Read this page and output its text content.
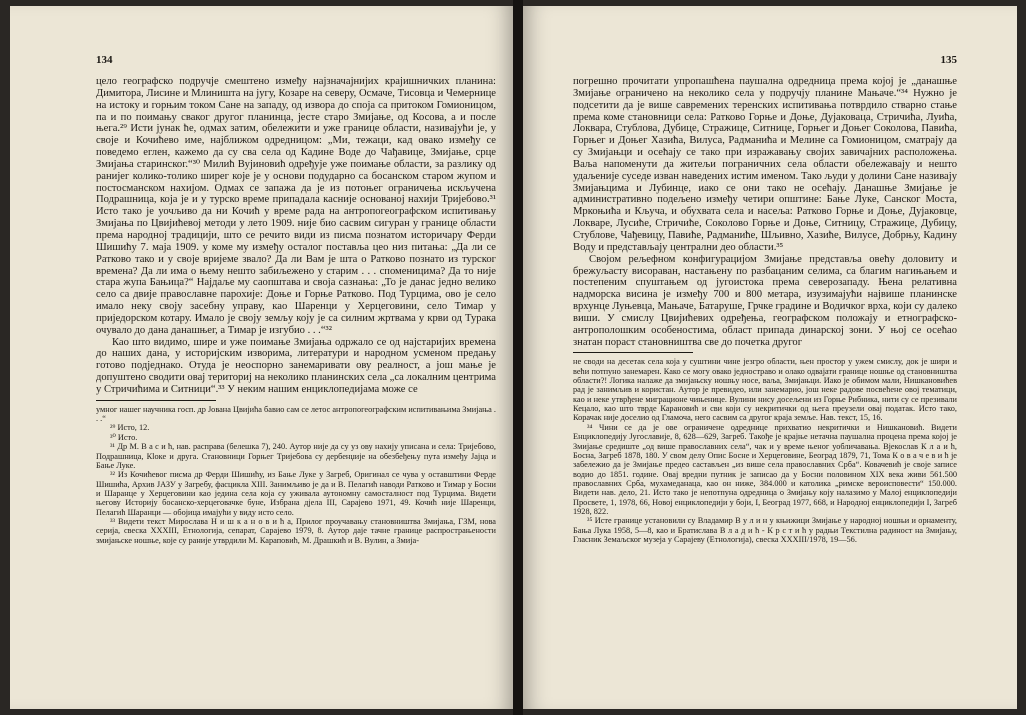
134

цело географско подручје смештено између најзначајнијих крајишничких планина: Димитора, Лисине и Млиништа на југу, Козаре на северу, Осмаче, Тисовца и Чемернице на истоку и горњим током Сане на западу, од извора до споја са притоком Гомионицом, па и по поимању сваког другог планинца, јесте старо Змијање, од Косова, а и после њега.²⁹ Исти јунак ће, одмах затим, обележити и уже границе области, називајући је, у своје и Кочићево име, најближом одредницом: „Ми, тежаци, кад овако између се поведемо еглен, кажемо да су сва села од Кадине Воде до Чађавице, Змијање, срце Змијања старинског.“³⁰ Милић Вујиновић одређује уже поимање области, за разлику од ранијег колико-толико ширег које је у основи подударно са босанском старом жупом и постосманском нахијом. Одмах се запажа да је из потоњег ограничења искључена Подрашница, која је и у турско време припадала касније основаној нахији Тријебово.³¹ Исто тако је уочљиво да ни Кочић у време рада на антропогеографском испитивању Змијања по Цвијићевој методи у лето 1909. није био сасвим сигуран у границе области према народној традицији, што се речито види из писма познатом историчару Ферди Шишићу 7. маја 1909. у коме му између осталог поставља цео низ питања: „Да ли се Ратково тако и у своје вријеме звало? Да ли Вам је шта о Ратково познато из турског времена? Да ли има о њему нешто забиљежено у старим . . . споменицима? Да то није стара жупа Бањица?“ Најдаље му саопштава и своја сазнања: „То је данас једно велико село са двије православне парохије: Доње и Горње Ратково. Под Турцима, ово је село имало неку своју засебну управу, као Шаренци у Херцеговини, село Тимар у приједорском котару. Имало је своју земљу коју је са силним жртвама у крви од Турака очувало до дана данашњег, а Тимар је изгубио . . .“³²

Као што видимо, шире и уже поимање Змијања одржало се од најстаријих времена до наших дана, у историјским изворима, литератури и народном усменом предању готово подједнако. Отуда је неоспорно занемаривати ову реалност, а још мање је допуштено сводити овај териториј на неколико планинских села „са локалним центрима у Стричићима и Ситници“.³³ У неким нашим енциклопедијама може се

умног нашег научника госп. др Јована Цвијића бавио сам се летос антропогеографским испитивањима Змијања . . .“

²⁹ Исто, 12.

³⁰ Исто.

³¹ Др М. В а с и ћ, нав. расправа (белешка 7), 240. Аутор није да су уз ову нахију уписана и села: Тријебово, Подрашница, Кloке и друга. Становници Горњег Тријебова су дербенџије на обезбеђењу пута између Јајца и Бање Луке.

³² Из Кочићевог писма др Ферди Шишићу, из Бање Луке у Загреб, Оригинал се чува у оставштини Ферде Шишића, Архив ЈАЗУ у Загребу, фасцикла XIII. Занимљиво је да и В. Пелагић наводи Ратково и Тимар у Босни и Шаранце у Херцеговини као једина села која су уживала аутономну самосталност под Турцима. Видети његову Историју босанско-херцеговачке буне, Избрана дјела III, Сарајево 1971, 49. Кочић није Шаренци, Пелагић Шаранци — обојица имајући у виду исто село.

³³ Видети текст Мирослава Н и ш к а н о в и ћ а, Прилог проучавању становништва Змијања, ГЗМ, нова серија, свеска XXXIII, Етнологија, сепарат, Сарајево 1979, 8. Аутор даје тачне границе распрострањености змијањске ношње, које су раније утврдили М. Караповић, М. Драшкић и В. Вулин, а Змија-

135

погрешно прочитати упропашћена паушална одредница према којој је „данашње Змијање ограничено на неколико села у подручју планине Мањаче.“³⁴ Нужно је подсетити да је више савремених теренских испитивања потврдило стварно стање према коме становници села: Ратково Горње и Доње, Дујаковаца, Стричића, Луића, Локвара, Стублова, Дубице, Стражице, Ситнице, Горњег и Доњег Соколова, Павића, Горњег и Доњег Хазића, Вилуса, Радманића и Мелине са Гомионицом, сматрају да су Змијањци и осећају се тако при изражавању својих завичајних расположења. Ваља напоменути да житељи пограничних села области обележавају и нешто удаљеније суседе изван наведених истим именом. Тако људи у долини Сане називају Змијањцима и Лубинце, иако се они тако не осећају. Данашње Змијање је административно подељено између четири општине: Бање Луке, Санског Моста, Мркоњића и Кључа, и обухвата села и насеља: Ратково Горње и Доње, Дујаковце, Локваре, Лусиће, Стричиће, Соколово Горње и Доње, Ситницу, Стражице, Дубицу, Стублове, Чађевицу, Павиће, Радманиће, Шљивно, Хазиће, Вилусе, Добрњу, Кадину Воду и представљају централни део области.³⁵

Својом рељефном конфигурацијом Змијање представља овећу доловиту и брежуљасту висораван, настањену по разбацаним селима, са благим нагињањем и постепеним спуштањем од југоистока према северозападу. Њена релативна надморска висина је између 700 и 800 метара, изузимајући највише планинске врхунце Луњевца, Мањаче, Батаруше, Грчке градине и Водичког врха, који су далеко виши. У смислу Цвијићевих одређења, географском положају и етнографско-антрополошким особеностима, област припада динарској зони. У њој се осећао знатан пораст становништва све до почетка другог

не своди на десетак села која у суштини чине језгро области, њен простор у ужем смислу, док је шири и већи потпуно занемарен. Како се могу овако једностраво и олако одвајати границе ношње од становништва области?! Логика налаже да змијањску ношњу носе, ваља, Змијањци. Иако је обимом мали, Нишкановићев рад је занимљив и користан. Аутор је превидео, или занемарио, још неке радове посвећене овој тематици, као и неке утврђене миграционе чињенице. Вулини нису досељени из Горње Рибника, нити су се презивали Кецало, као што тврде Карановић и сви који су некритички од њега преузели овај податак. Исто тако, Корачак није доселио од Гламоча, него сасвим са другог краја земље. Нав. текст, 15, 16.

³⁴ Чини се да је ове ограничене одреднице прихватио некритички и Нишкановић. Видети Енциклопедију Југославије, 8, 628—629, Загреб. Такође је крајње нетачна паушална процена према којој је Змијање средиште „од више православних села“, чак и у време њеног уобличавања. Вјекослав К л а и ћ, Босна, Загреб 1878, 180. У свом делу Опис Босне и Херцеговине, Београд 1879, 71, Тома К о в а ч е в и ћ је забележио да је Змијање предео састављен „из више села православних Срба“. Ковачевић је своје записе водио до 1851. године. Овај вредни путник је записао да у Босни половином XIX века живи 561.500 православних Срба, мухамеданаца, као он ниже, 384.000 и католика „римске вероисповести“ 150.000. Видети нав. дело, 21. Исто тако је непотпуна одредница о Змијању коју налазимо у Малој енциклопедији Просвете, 1, 1978, 66, Новој енциклопедији у боји, I, Београд 1977, 668, и Народној енциклопедији I, Загреб 1928, 822.

³⁵ Исте границе установили су Владамир В у л и н у књижици Змијање у народној ношњи и орнаменту, Бања Лука 1958, 5—8, као и Братислава В л а д и ћ - К р с т и ћ у радњи Текстилна радиност на Змијању, Гласник Земаљског музеја у Сарајеву (Етнологија), свеска XXXIII/1978, 19—56.
